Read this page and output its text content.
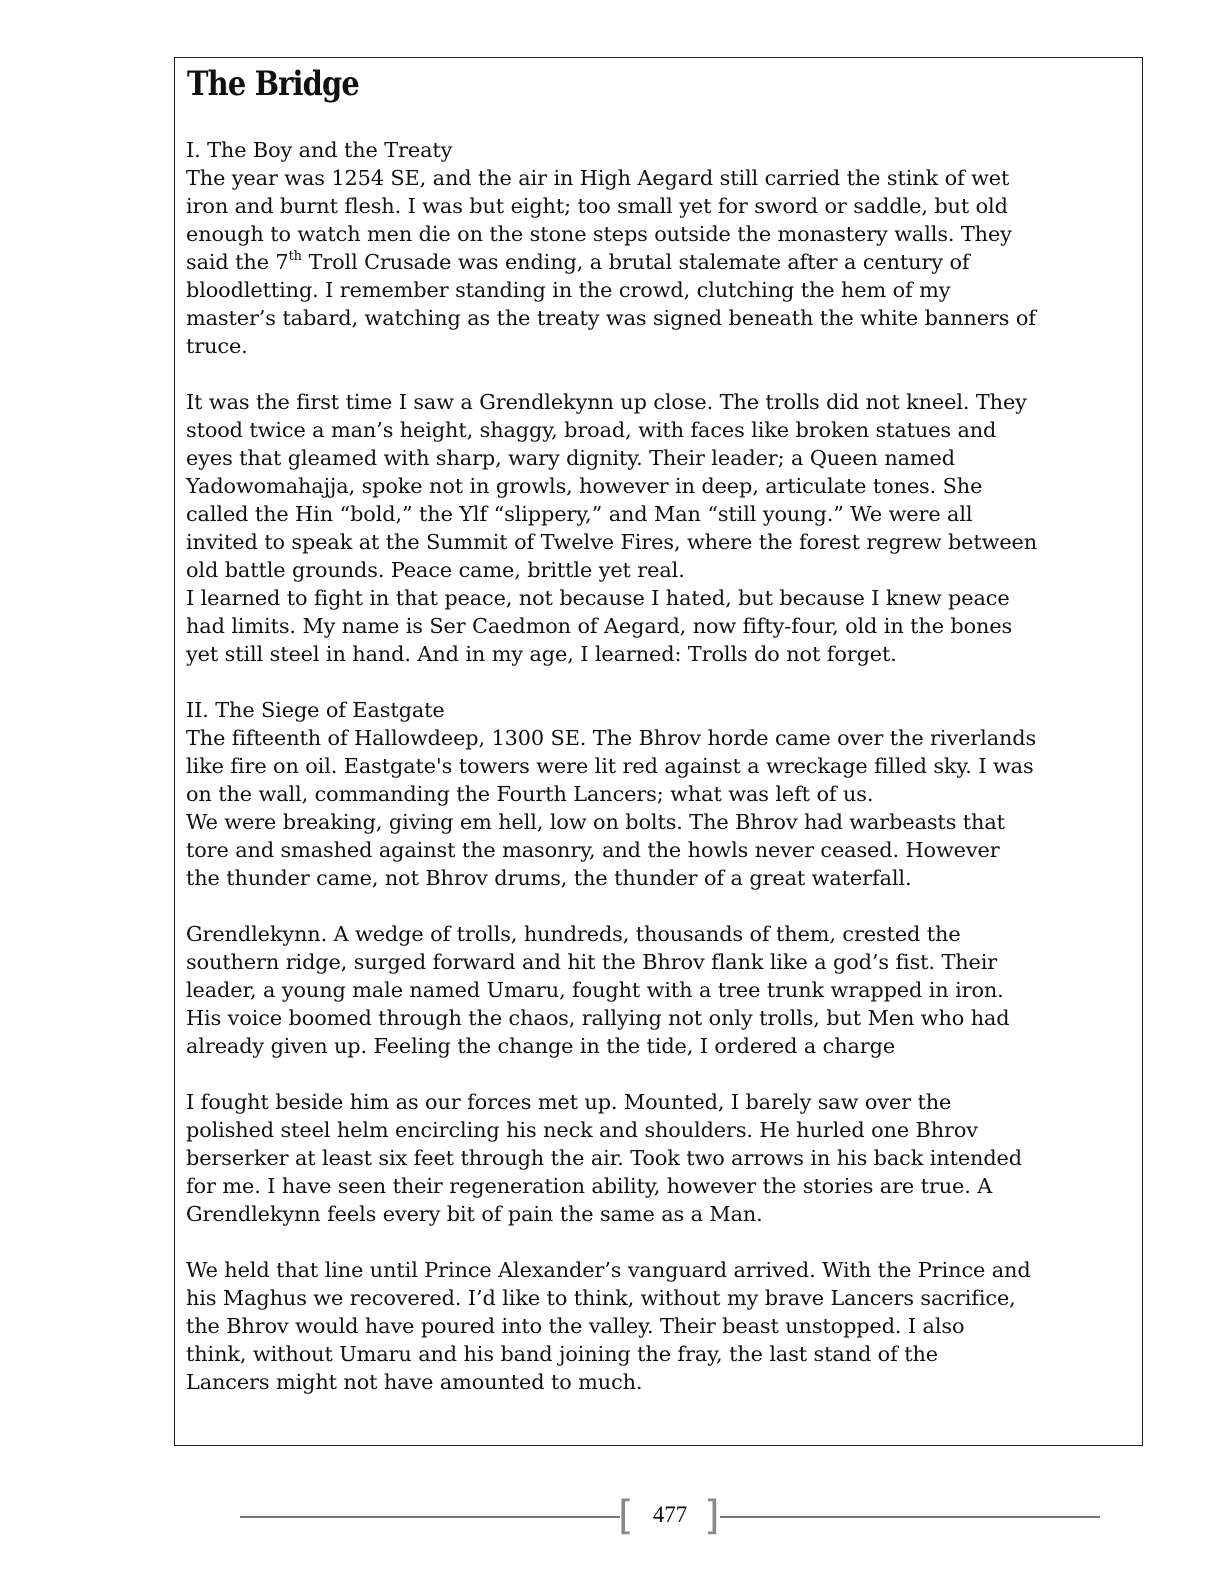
The Bridge
I. The Boy and the Treaty
The year was 1254 SE, and the air in High Aegard still carried the stink of wet
iron and burnt flesh. I was but eight; too small yet for sword or saddle, but old
enough to watch men die on the stone steps outside the monastery walls. They
said the 7th Troll Crusade was ending, a brutal stalemate after a century of
bloodletting. I remember standing in the crowd, clutching the hem of my
master’s tabard, watching as the treaty was signed beneath the white banners of
truce.
It was the first time I saw a Grendlekynn up close. The trolls did not kneel. They
stood twice a man’s height, shaggy, broad, with faces like broken statues and
eyes that gleamed with sharp, wary dignity. Their leader; a Queen named
Yadowomahajja, spoke not in growls, however in deep, articulate tones. She
called the Hin “bold,” the Ylf “slippery,” and Man “still young.” We were all
invited to speak at the Summit of Twelve Fires, where the forest regrew between
old battle grounds. Peace came, brittle yet real.
I learned to fight in that peace, not because I hated, but because I knew peace
had limits. My name is Ser Caedmon of Aegard, now fifty-four, old in the bones
yet still steel in hand. And in my age, I learned: Trolls do not forget.
II. The Siege of Eastgate
The fifteenth of Hallowdeep, 1300 SE. The Bhrov horde came over the riverlands
like fire on oil. Eastgate's towers were lit red against a wreckage filled sky. I was
on the wall, commanding the Fourth Lancers; what was left of us.
We were breaking, giving em hell, low on bolts. The Bhrov had warbeasts that
tore and smashed against the masonry, and the howls never ceased. However
the thunder came, not Bhrov drums, the thunder of a great waterfall.
Grendlekynn. A wedge of trolls, hundreds, thousands of them, crested the
southern ridge, surged forward and hit the Bhrov flank like a god’s fist. Their
leader, a young male named Umaru, fought with a tree trunk wrapped in iron.
His voice boomed through the chaos, rallying not only trolls, but Men who had
already given up. Feeling the change in the tide, I ordered a charge
I fought beside him as our forces met up. Mounted, I barely saw over the
polished steel helm encircling his neck and shoulders. He hurled one Bhrov
berserker at least six feet through the air. Took two arrows in his back intended
for me. I have seen their regeneration ability, however the stories are true. A
Grendlekynn feels every bit of pain the same as a Man.
We held that line until Prince Alexander’s vanguard arrived. With the Prince and
his Maghus we recovered. I’d like to think, without my brave Lancers sacrifice,
the Bhrov would have poured into the valley. Their beast unstopped. I also
think, without Umaru and his band joining the fray, the last stand of the
Lancers might not have amounted to much.
[ 477 ]
